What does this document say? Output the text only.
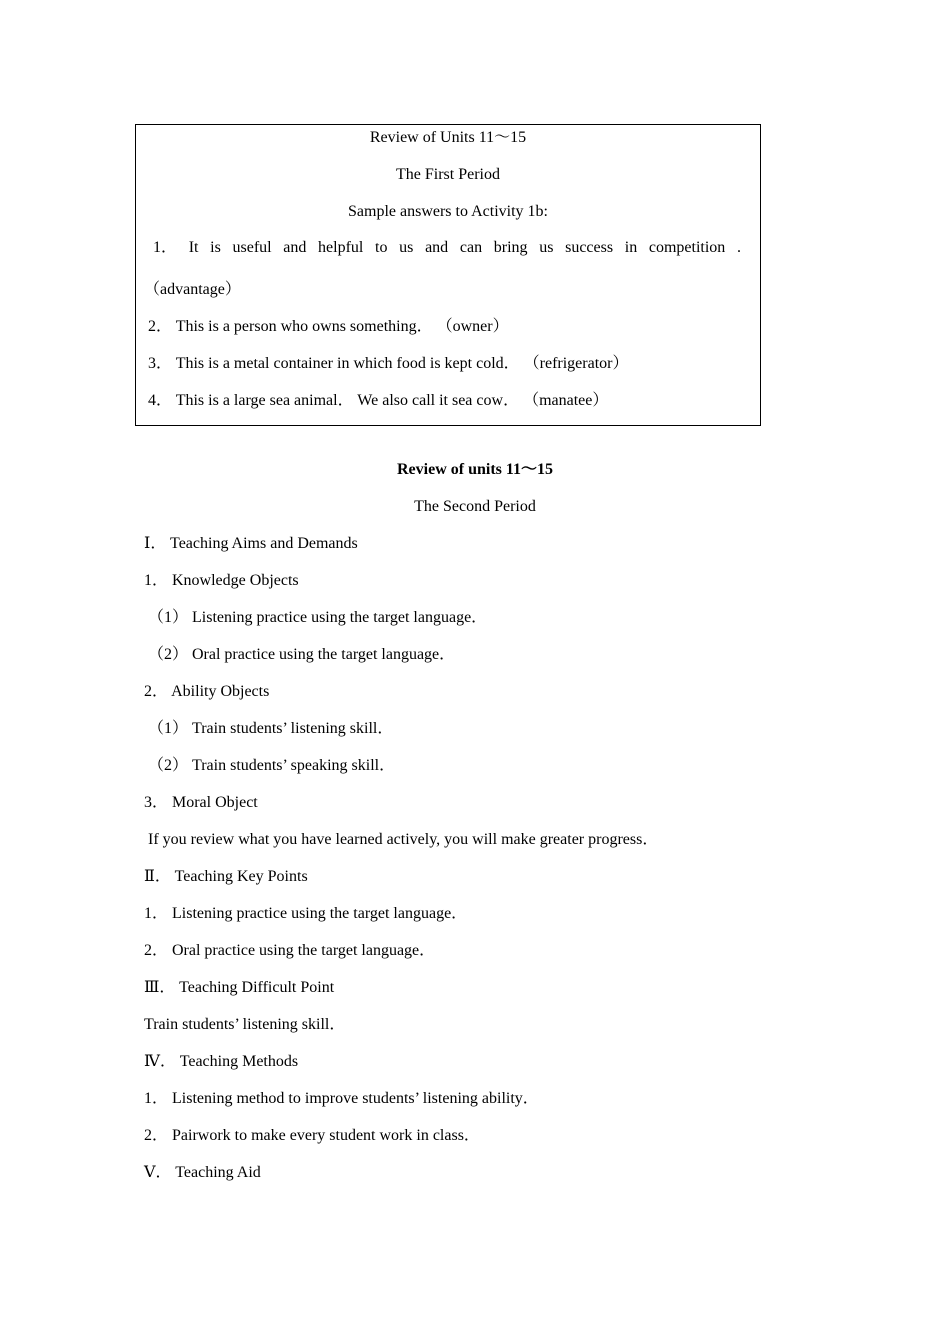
Review of Units 11～15
The First Period
Sample answers to Activity 1b:
1． It is useful and helpful to us and can bring us success in competition .
（advantage）
2． This is a person who owns something． （owner）
3． This is a metal container in which food is kept cold． （refrigerator）
4． This is a large sea animal． We also call it sea cow． （manatee）
Review of units 11～15
The Second Period
Ⅰ． Teaching Aims and Demands
1． Knowledge Objects
（1） Listening practice using the target language．
（2） Oral practice using the target language．
2． Ability Objects
（1） Train students’ listening skill．
（2） Train students’ speaking skill．
3． Moral Object
If you review what you have learned actively, you will make greater progress．
Ⅱ． Teaching Key Points
1． Listening practice using the target language．
2． Oral practice using the target language．
Ⅲ． Teaching Difficult Point
Train students’ listening skill．
Ⅳ． Teaching Methods
1． Listening method to improve students’ listening ability．
2． Pairwork to make every student work in class．
Ⅴ． Teaching Aid
